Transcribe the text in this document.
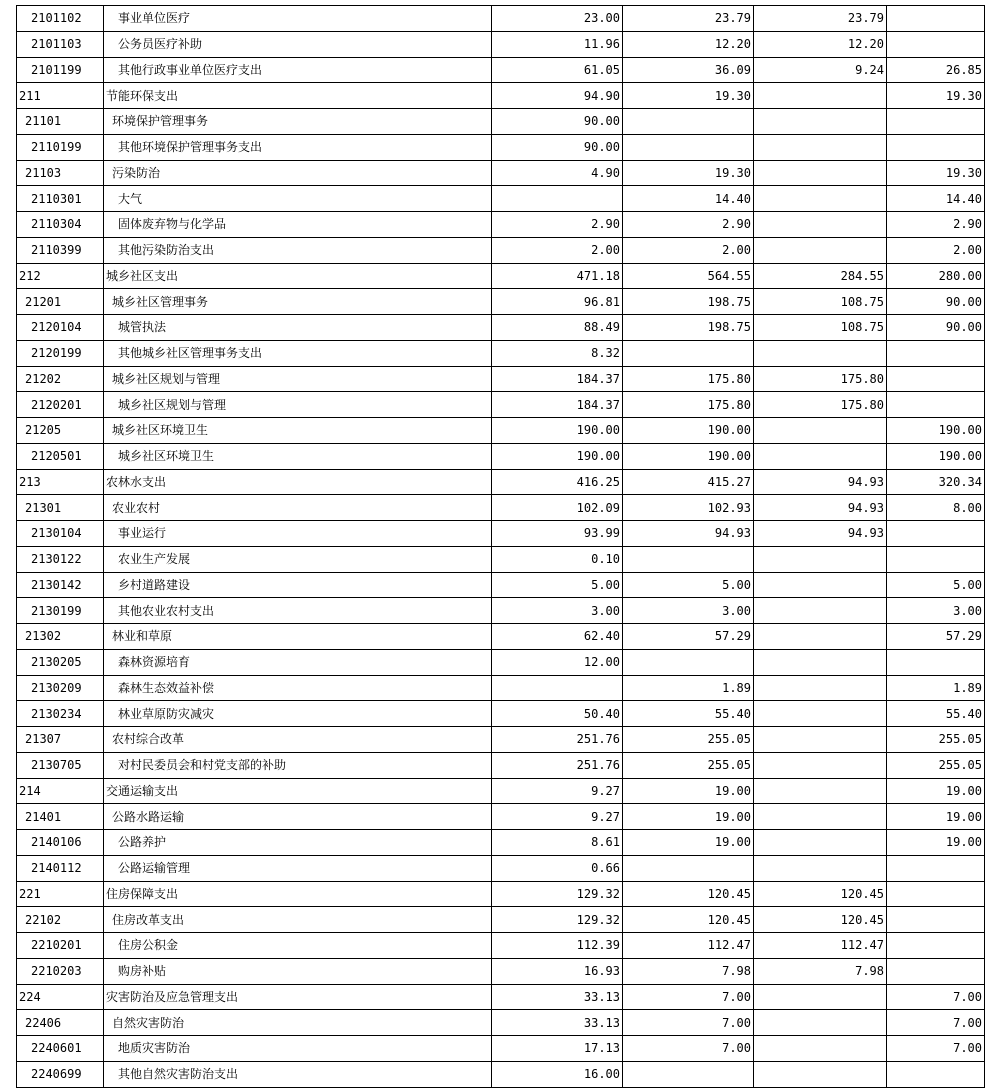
2101102	事业单位医疗	23.00	23.79	23.79	
2101103	公务员医疗补助	11.96	12.20	12.20	
2101199	其他行政事业单位医疗支出	61.05	36.09	9.24	26.85
211	节能环保支出	94.90	19.30		19.30
21101	环境保护管理事务	90.00			
2110199	其他环境保护管理事务支出	90.00			
21103	污染防治	4.90	19.30		19.30
2110301	大气		14.40		14.40
2110304	固体废弃物与化学品	2.90	2.90		2.90
2110399	其他污染防治支出	2.00	2.00		2.00
212	城乡社区支出	471.18	564.55	284.55	280.00
21201	城乡社区管理事务	96.81	198.75	108.75	90.00
2120104	城管执法	88.49	198.75	108.75	90.00
2120199	其他城乡社区管理事务支出	8.32			
21202	城乡社区规划与管理	184.37	175.80	175.80	
2120201	城乡社区规划与管理	184.37	175.80	175.80	
21205	城乡社区环境卫生	190.00	190.00		190.00
2120501	城乡社区环境卫生	190.00	190.00		190.00
213	农林水支出	416.25	415.27	94.93	320.34
21301	农业农村	102.09	102.93	94.93	8.00
2130104	事业运行	93.99	94.93	94.93	
2130122	农业生产发展	0.10			
2130142	乡村道路建设	5.00	5.00		5.00
2130199	其他农业农村支出	3.00	3.00		3.00
21302	林业和草原	62.40	57.29		57.29
2130205	森林资源培育	12.00			
2130209	森林生态效益补偿		1.89		1.89
2130234	林业草原防灾减灾	50.40	55.40		55.40
21307	农村综合改革	251.76	255.05		255.05
2130705	对村民委员会和村党支部的补助	251.76	255.05		255.05
214	交通运输支出	9.27	19.00		19.00
21401	公路水路运输	9.27	19.00		19.00
2140106	公路养护	8.61	19.00		19.00
2140112	公路运输管理	0.66			
221	住房保障支出	129.32	120.45	120.45	
22102	住房改革支出	129.32	120.45	120.45	
2210201	住房公积金	112.39	112.47	112.47	
2210203	购房补贴	16.93	7.98	7.98	
224	灾害防治及应急管理支出	33.13	7.00		7.00
22406	自然灾害防治	33.13	7.00		7.00
2240601	地质灾害防治	17.13	7.00		7.00
2240699	其他自然灾害防治支出	16.00			
